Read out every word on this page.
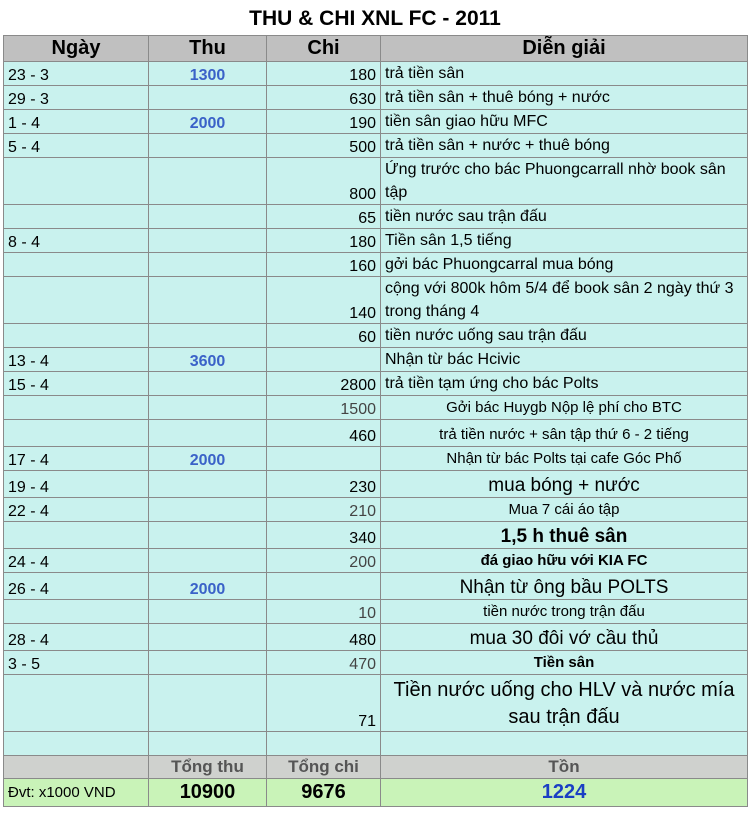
THU & CHI XNL FC - 2011
Ngày	Thu	Chi	Diễn giải
23 - 3	1300	180	trả tiền sân
29 - 3		630	trả tiền sân + thuê bóng + nước
1 - 4	2000	190	tiền sân giao hữu MFC
5 - 4		500	trả tiền sân + nước + thuê bóng
		800	Ứng trước cho bác Phuongcarrall nhờ book sân tập
		65	tiền nước sau trận đấu
8 - 4		180	Tiền sân 1,5 tiếng
		160	gởi bác Phuongcarral mua bóng
		140	cộng với 800k hôm 5/4 để book sân 2 ngày thứ 3 trong tháng 4
		60	tiền nước uống sau trận đấu
13 - 4	3600		Nhận từ bác Hcivic
15 - 4		2800	trả tiền tạm ứng cho bác Polts
		1500	Gởi bác Huygb Nộp lệ phí cho BTC
		460	trả tiền nước + sân tập thứ 6 - 2 tiếng
17 - 4	2000		Nhận từ bác Polts tại cafe Góc Phố
19 - 4		230	mua bóng + nước
22 - 4		210	Mua 7 cái áo tập
		340	1,5 h thuê sân
24 - 4		200	đá giao hữu với KIA FC
26 - 4	2000		Nhận từ ông bầu POLTS
		10	tiền nước trong trận đấu
28 - 4		480	mua 30 đôi vớ cầu thủ
3 - 5		470	Tiền sân
		71	Tiền nước uống cho HLV và nước mía sau trận đấu

	Tổng thu	Tổng chi	Tồn
Đvt: x1000 VND	10900	9676	1224
